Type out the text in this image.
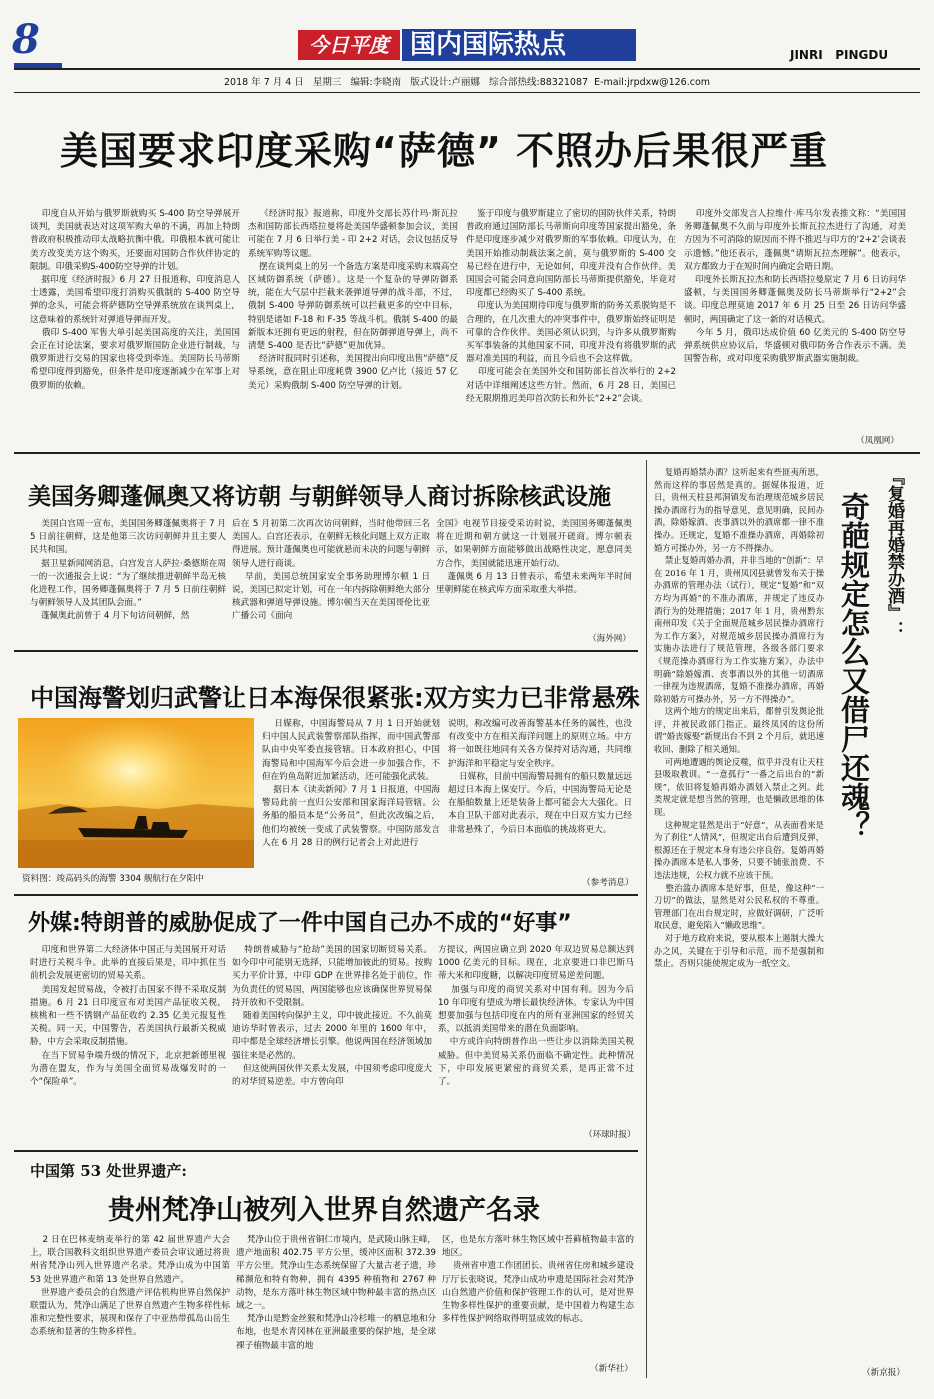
8	今日平度 国内国际热点	JINRI   PINGDU
2018 年 7 月 4 日   星期三   编辑:李晓南   版式设计:卢丽娜   综合部热线:88321087  E-mail:jrpdxw@126.com
美国要求印度采购“萨德” 不照办后果很严重
印度自从开始与俄罗斯就购买 S-400 防空导弹展开谈判，美国就表达对这项军购大单的不满，再加上特朗普政府积极推动印太战略抗衡中俄。印俄根本就可能让美方改变美方这个购买，还要面对国防合作伙伴协定的限制。印俄采购S-400防空导弹的计划。
据印度《经济时报》6 月 27 日报道称，印度消息人士透露，美国希望印度打消购买俄制的 S-400 防空导弹的念头，可能会将萨德防空导弹系统放在谈判桌上，这意味着的系统针对弹道导弹而开发。
俄印 S-400 军售大单引起美国高度的关注，美国国会正在讨论法案，要求对俄罗斯国防企业进行制裁，与俄罗斯进行交易的国家也将受到牵连。美国防长马蒂斯希望印度得到豁免，但条件是印度逐渐减少在军事上对俄罗斯的依赖。
《经济时报》报道称，印度外交部长苏什玛·斯瓦拉杰和国防部长西塔拉曼将赴美国华盛顿参加会议，美国可能在 7 月 6 日举行美 - 印 2+2 对话，会议包括反导系统军购等议题。
摆在谈判桌上的另一个备选方案是印度采购末端高空区域防御系统（萨德）。这是一个复杂的导弹防御系统，能在大气层中拦截来袭弹道导弹的战斗部，不过，俄制 S-400 导弹防御系统可以拦截更多的空中目标，特别是诸如 F-18 和 F-35 等战斗机。俄制 S-400 的最新版本还拥有更远的射程，但在防御弹道导弹上，尚不清楚 S-400 是否比“萨德”更加优异。
经济时报同时引述称，美国提出向印度出售“萨德”反导系统，意在阻止印度耗费 3900 亿卢比（接近 57 亿美元）采购俄制 S-400 防空导弹的计划。
鉴于印度与俄罗斯建立了密切的国防伙伴关系，特朗普政府通过国防部长马蒂斯向印度等国家提出豁免，条件是印度逐步减少对俄罗斯的军事依赖。印度认为，在美国开始推动制裁法案之前，莫与俄罗斯的 S-400 交易已经在进行中，无论如何，印度并没有合作伙伴。美国国会可能会同意向国防部长马蒂斯提供豁免，毕竟对印度都已经购买了 S-400 系统。
印度认为美国期待印度与俄罗斯的防务关系脱钩是不合理的，在几次重大的冲突事件中，俄罗斯始终证明是可靠的合作伙伴。美国必须认识到，与许多从俄罗斯购买军事装备的其他国家不同，印度并没有将俄罗斯的武器对准美国的利益，而且今后也不会这样做。
印度可能会在美国外交和国防部长首次举行的 2+2 对话中详细阐述这些方针。然而，6 月 28 日，美国已经无限期推迟美印首次防长和外长“2+2”会谈。
印度外交部发言人拉维什·库马尔发表推文称：“美国国务卿蓬佩奥不久前与印度外长斯瓦拉杰进行了沟通，对美方因为不可消除的原因而不得不推迟与印方的‘2+2’会谈表示遗憾。”他还表示，蓬佩奥“请斯瓦拉杰理解”。他表示，双方都致力于在短时间内确定会晤日期。
印度外长斯瓦拉杰和防长西塔拉曼原定 7 月 6 日访问华盛顿，与美国国务卿蓬佩奥及防长马蒂斯举行“2+2”会谈。印度总理莫迪 2017 年 6 月 25 日至 26 日访问华盛顿时，两国确定了这一新的对话模式。
今年 5 月，俄印达成价值 60 亿美元的 S-400 防空导弹系统供应协议后，华盛顿对俄印防务合作表示不满。美国警告称，或对印度采购俄罗斯武器实施制裁。
（凤凰网）
美国务卿蓬佩奥又将访朝 与朝鲜领导人商讨拆除核武设施
美国白宫周一宣布，美国国务卿蓬佩奥将于 7 月 5 日前往朝鲜，这是他第三次访问朝鲜并且主要人民共和国。
据卫星新闻网消息，白宫发言人萨拉·桑德斯在周一的一次通报会上说：“为了继续推进朝鲜半岛无核化进程工作，国务卿蓬佩奥将于 7 月 5 日前往朝鲜与朝鲜领导人及其团队会面。”
蓬佩奥此前曾于 4 月下旬访问朝鲜，然
后在 5 月初第二次再次访问朝鲜，当时他带回三名美国人。白宫还表示，在朝鲜无核化问题上双方正取得进展。预计蓬佩奥也可能就悬而未决的问题与朝鲜领导人进行商谈。
早前，美国总统国家安全事务助理博尔顿 1 日说，美国已拟定计划，可在一年内拆除朝鲜绝大部分核武器和弹道导弹设施。博尔顿当天在美国哥伦比亚广播公司《面向
全国》电视节目接受采访时说，美国国务卿蓬佩奥将在近期和朝方就这一计划展开磋商。博尔顿表示，如果朝鲜方面能够做出战略性决定，愿意同美方合作，美国就能迅速开始行动。
蓬佩奥 6 月 13 日曾表示，希望未来两年半时间里朝鲜能在核武库方面采取重大举措。
（海外网）
中国海警划归武警让日本海保很紧张:双方实力已非常悬殊
资料图：竣高码头的海警 3304 舰航行在夕阳中
日媒称，中国海警局从 7 月 1 日开始就划归中国人民武装警察部队指挥，而中国武警部队由中央军委直接管辖。日本政府担心，中国海警局和中国海军今后会进一步加强合作，不但在钓鱼岛附近加紧活动，还可能强化武装。
据日本《读卖新闻》7 月 1 日报道，中国海警局此前一直归公安部和国家海洋局管辖。公务船的船员本是“公务员”，但此次改编之后，他们均被统一变成了武装警察。中国防部发言人在 6 月 28 日的例行记者会上对此进行
说明，称改编可改善海警基本任务的属性，也没有改变中方在相关海洋问题上的原则立场。中方将一如既往地同有关各方保持对话沟通，共同维护海洋和平稳定与安全秩序。
日媒称，目前中国海警局拥有的船只数量远远超过日本海上保安厅。今后，中国海警局无论是在船舶数量上还是装备上都可能会大大强化。日本自卫队干部对此表示，现在中日双方实力已经非常悬殊了，今后日本面临的挑战将更大。
（参考消息）
外媒:特朗普的威胁促成了一件中国自己办不成的“好事”
印度和世界第二大经济体中国正与美国展开对话时进行关税斗争。此举的直接后果是，印中抓住当前机会发展更密切的贸易关系。
美国发起贸易战，令被打击国家不得不采取反制措施。6 月 21 日印度宣布对美国产品征收关税，核桃和一些不锈钢产品征收约 2.35 亿美元报复性关税。同一天，中国警告，若美国执行最新关税威胁，中方会采取反制措施。
在当下贸易争端升级的情况下，北京把新德里视为潜在盟友，作为与美国全面贸易战爆发时的一个“保险单”。
特朗普威胁与“抢劫”美国的国家切断贸易关系。如今印中可能别无选择，只能增加彼此的贸易。按购买力平价计算，中印 GDP 在世界排名处于前位，作为负责任的贸易国，两国能够也应该确保世界贸易保持开放和不受限制。
随着美国转向保护主义，印中彼此接近。不久前莫迪访华时曾表示，过去 2000 年里的 1600 年中，印中都是全球经济增长引擎。他说两国在经济领域加强往来是必然的。
但这使两国伙伴关系太发展，中国须考虑印度庞大的对华贸易逆差。中方曾向印
方提议，两国应确立到 2020 年双边贸易总额达到 1000 亿美元的目标。现在，北京要进口非巴斯马蒂大米和印度糖，以解决印度贸易逆差问题。
加强与印度的商贸关系对中国有利。因为今后 10 年印度有望成为增长最快经济体。专家认为中国想要加强与包括印度在内的所有亚洲国家的经贸关系，以抵消美国带来的潜在负面影响。
中方或许向特朗普作出一些让步以消除美国关税威胁。但中美贸易关系仍面临不确定性。此种情况下，中印发展更紧密的商贸关系，是再正常不过了。
（环球时报）
中国第 53 处世界遗产:
贵州梵净山被列入世界自然遗产名录
2 日在巴林麦纳麦举行的第 42 届世界遗产大会上，联合国教科文组织世界遗产委员会审议通过将贵州省梵净山列入世界遗产名录。梵净山成为中国第 53 处世界遗产和第 13 处世界自然遗产。
世界遗产委员会的自然遗产评估机构世界自然保护联盟认为，梵净山满足了世界自然遗产生物多样性标准和完整性要求，展现和保存了中亚热带孤岛山岳生态系统和显著的生物多样性。
梵净山位于贵州省铜仁市境内，是武陵山脉主峰，遗产地面积 402.75 平方公里，缓冲区面积 372.39 平方公里。梵净山生态系统保留了大量古老子遗，珍稀濒危和特有物种，拥有 4395 种植物和 2767 种动物，是东方落叶林生物区域中物种最丰富的热点区域之一。
梵净山是黔金丝猴和梵净山冷杉唯一的栖息地和分布地，也是水青冈林在亚洲最重要的保护地，是全球裸子植物最丰富的地
区，也是东方落叶林生物区域中苔藓植物最丰富的地区。
贵州省申遗工作团团长、贵州省住房和城乡建设厅厅长张晓说，梵净山成功申遗是国际社会对梵净山自然遗产价值和保护管理工作的认可，是对世界生物多样性保护的重要贡献，是中国着力构建生态多样性保护网络取得明显成效的标志。
（新华社）
『复婚再婚禁办酒』：
奇葩规定怎么又借尸还魂？
复婚再婚禁办酒？这听起来有些匪夷所思，然而这样的事居然是真的。据媒体报道，近日，贵州天柱县邦洞镇发布治理规范城乡居民操办酒席行为的指导意见，意见明确，民间办酒，除婚嫁酒、丧事酒以外的酒席都一律不准操办。还规定，复婚不准操办酒席，再婚除初婚方可操办外，另一方不得操办。
禁止复婚再婚办酒，并非当地的“创新”：早在 2016 年 1 月，贵州凤冈县就曾发布关于操办酒席的管理办法（试行），规定“复婚”和“双方均为再婚”的不准办酒席，并规定了违反办酒行为的处理措施；2017 年 1 月，贵州黔东南州印发《关于全面规范城乡居民操办酒席行为工作方案》，对规范城乡居民操办酒席行为实施办法进行了规范管理，各级各部门要求《规范操办酒席行为工作实施方案》，办法中明确“除婚嫁酒、丧事酒以外的其他一切酒席一律视为违规酒席，复婚不准操办酒席，再婚除初婚方可操办外，另一方不得操办”。
这两个地方的规定出来后，都曾引发舆论批评，并被民政部门指正。最终凤冈的这份所谓“婚丧嫁娶”新规出台不到 2 个月后，就迅速收回、删除了相关通知。
可两地遭遇的舆论反噬，似乎并没有让天柱县吸取教训。“一意孤行”一番之后出台的“新规”，依旧将复婚再婚办酒划入禁止之列。此类规定就是想当然的管理，也是懒政思维的体现。
这种规定显然是出于“好意”，从表面看来是为了刹住“人情风”，但规定出台后遭到反弹，根源还在于规定本身有违公序良俗。复婚再婚操办酒席本是私人事务，只要不铺张浪费、不违法违规，公权力就不应该干预。
整治滥办酒席本是好事，但是，像这种“一刀切”的做法，显然是对公民私权的不尊重。管理部门在出台规定时，应做好调研，广泛听取民意，避免陷入“懒政思维”。
对于地方政府来说，要从根本上遏制大操大办之风，关键在于引导和示范，而不是强制和禁止。否则只能使规定成为一纸空文。
（新京报）
